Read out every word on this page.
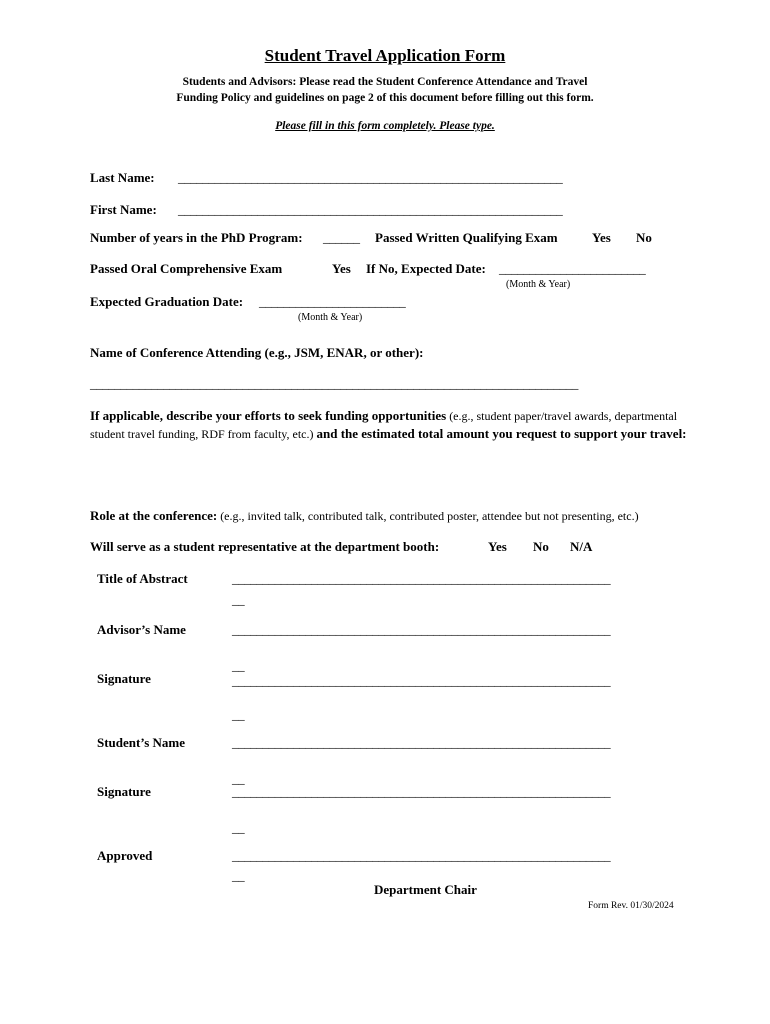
Student Travel Application Form
Students and Advisors: Please read the Student Conference Attendance and Travel
Funding Policy and guidelines on page 2 of this document before filling out this form.
Please fill in this form completely. Please type.
Last Name: _______________________________________________________________
First Name: _______________________________________________________________
Number of years in the PhD Program: ______ Passed Written Qualifying Exam	Yes No
Passed Oral Comprehensive Exam	Yes If No, Expected Date: ________________________
(Month & Year)
Expected Graduation Date: ________________________
(Month & Year)
Name of Conference Attending (e.g., JSM, ENAR, or other):
________________________________________________________________________________
If applicable, describe your efforts to seek funding opportunities (e.g., student paper/travel awards, departmental student travel funding, RDF from faculty, etc.) and the estimated total amount you request to support your travel:
Role at the conference: (e.g., invited talk, contributed talk, contributed poster, attendee but not presenting, etc.)
Will serve as a student representative at the department booth:	Yes No N/A
Title of Abstract	______________________________________________________________
__
Advisor’s Name	______________________________________________________________
__
Signature	______________________________________________________________
__
Student’s Name	______________________________________________________________
__
Signature	______________________________________________________________
__
Approved	______________________________________________________________
__
Department Chair
Form Rev. 01/30/2024
